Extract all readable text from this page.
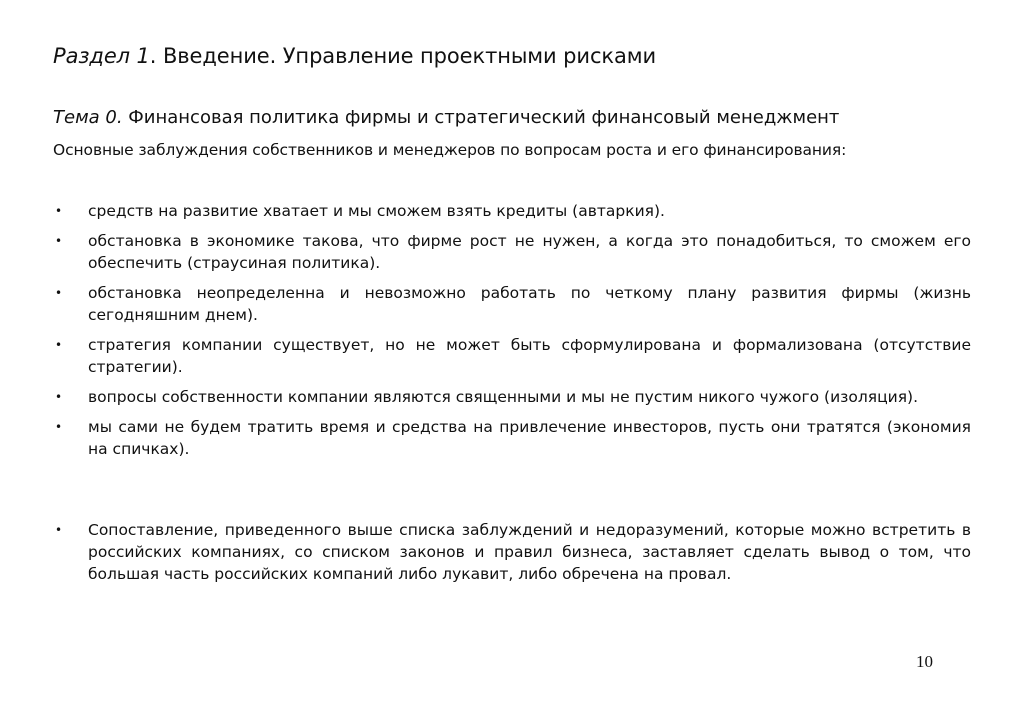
Раздел 1. Введение. Управление проектными рисками
Тема 0. Финансовая политика фирмы и стратегический финансовый менеджмент
Основные заблуждения собственников и менеджеров по вопросам роста и его финансирования:
• средств на развитие хватает и мы сможем взять кредиты (автаркия).
• обстановка в экономике такова, что фирме рост не нужен, а когда это понадобиться, то сможем его обеспечить (страусиная политика).
• обстановка неопределенна и невозможно работать по четкому плану развития фирмы (жизнь сегодняшним днем).
• стратегия компании существует, но не может быть сформулирована и формализована (отсутствие стратегии).
• вопросы собственности компании являются священными и мы не пустим никого чужого (изоляция).
• мы сами не будем тратить время и средства на привлечение инвесторов, пусть они тратятся (экономия на спичках).
• Сопоставление, приведенного выше списка заблуждений и недоразумений, которые можно встретить в российских компаниях, со списком законов и правил бизнеса, заставляет сделать вывод о том, что большая часть российских компаний либо лукавит, либо обречена на провал.
10
